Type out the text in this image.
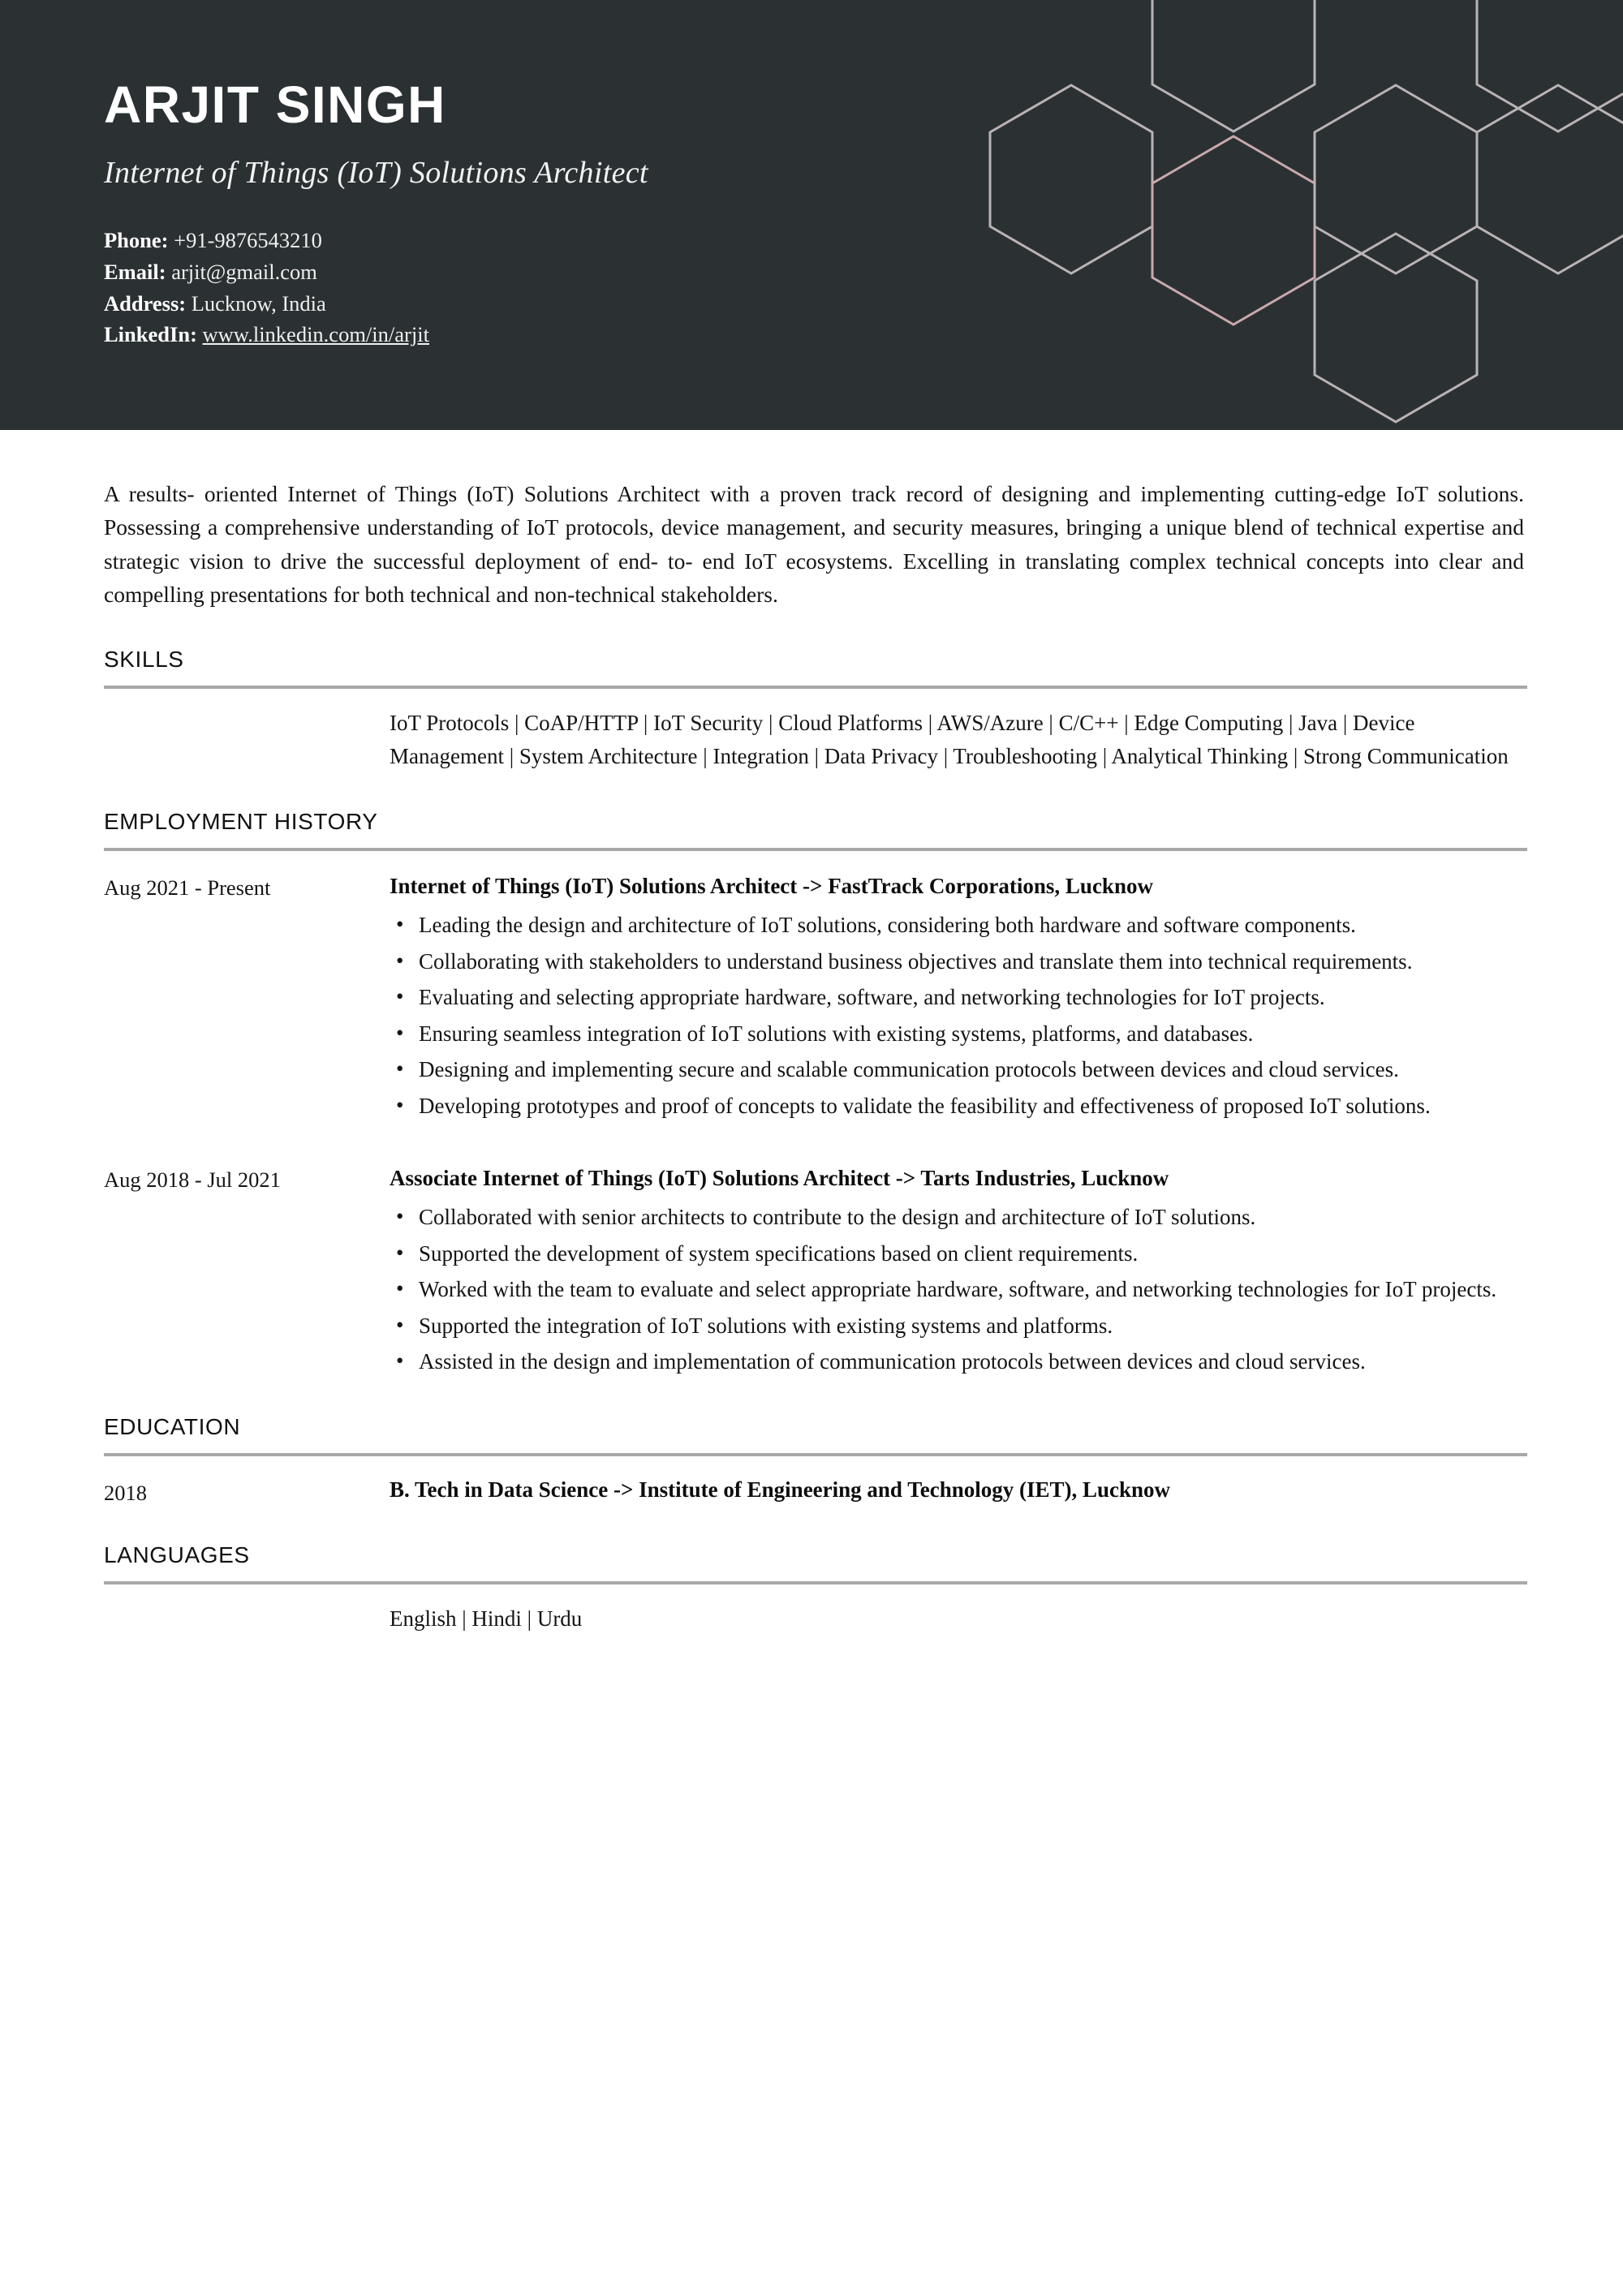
ARJIT SINGH
Internet of Things (IoT) Solutions Architect
Phone: +91-9876543210
Email: arjit@gmail.com
Address: Lucknow, India
LinkedIn: www.linkedin.com/in/arjit

A results- oriented Internet of Things (IoT) Solutions Architect with a proven track record of designing and implementing cutting-edge IoT solutions. Possessing a comprehensive understanding of IoT protocols, device management, and security measures, bringing a unique blend of technical expertise and strategic vision to drive the successful deployment of end- to- end IoT ecosystems. Excelling in translating complex technical concepts into clear and compelling presentations for both technical and non-technical stakeholders.

SKILLS
IoT Protocols | CoAP/HTTP | IoT Security | Cloud Platforms | AWS/Azure | C/C++ | Edge Computing | Java | Device Management | System Architecture | Integration | Data Privacy | Troubleshooting | Analytical Thinking | Strong Communication
EMPLOYMENT HISTORY
Aug 2021 - Present	Internet of Things (IoT) Solutions Architect -> FastTrack Corporations, Lucknow
• Leading the design and architecture of IoT solutions, considering both hardware and software components.
• Collaborating with stakeholders to understand business objectives and translate them into technical requirements.
• Evaluating and selecting appropriate hardware, software, and networking technologies for IoT projects.
• Ensuring seamless integration of IoT solutions with existing systems, platforms, and databases.
• Designing and implementing secure and scalable communication protocols between devices and cloud services.
• Developing prototypes and proof of concepts to validate the feasibility and effectiveness of proposed IoT solutions.
Aug 2018 - Jul 2021	Associate Internet of Things (IoT) Solutions Architect -> Tarts Industries, Lucknow
• Collaborated with senior architects to contribute to the design and architecture of IoT solutions.
• Supported the development of system specifications based on client requirements.
• Worked with the team to evaluate and select appropriate hardware, software, and networking technologies for IoT projects.
• Supported the integration of IoT solutions with existing systems and platforms.
• Assisted in the design and implementation of communication protocols between devices and cloud services.
EDUCATION
2018	B. Tech in Data Science -> Institute of Engineering and Technology (IET), Lucknow
LANGUAGES
English | Hindi | Urdu
